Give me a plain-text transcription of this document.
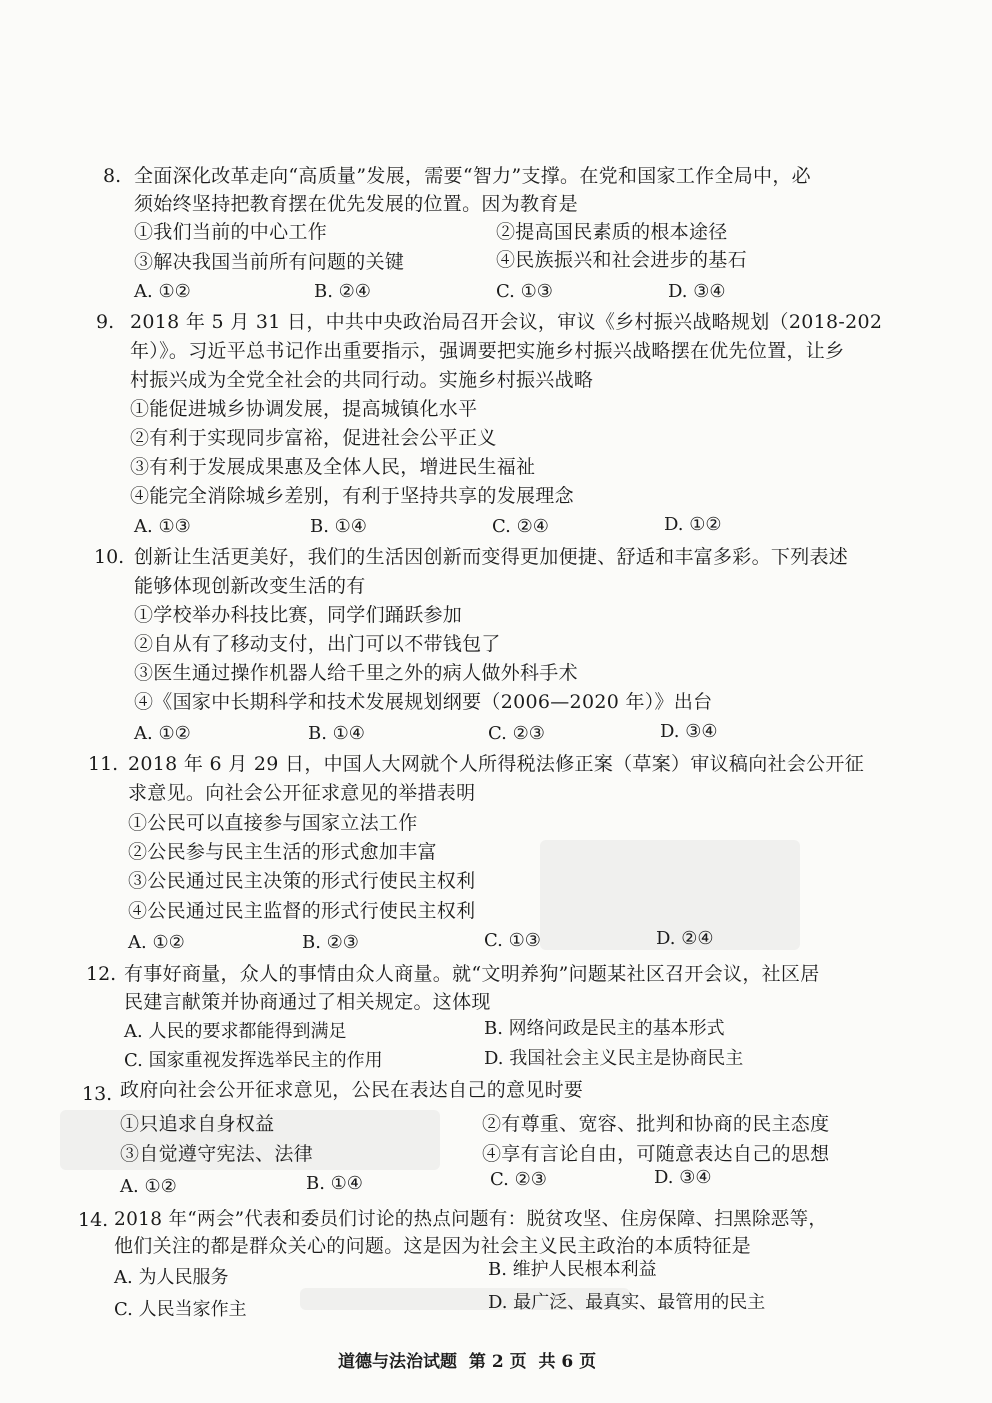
8. 全面深化改革走向“高质量”发展，需要“智力”支撑。在党和国家工作全局中，必
须始终坚持把教育摆在优先发展的位置。因为教育是
①我们当前的中心工作	②提高国民素质的根本途径
③解决我国当前所有问题的关键	④民族振兴和社会进步的基石
A. ①②	B. ②④	C. ①③	D. ③④
9. 2018 年 5 月 31 日，中共中央政治局召开会议，审议《乡村振兴战略规划（2018-202
年）》。习近平总书记作出重要指示，强调要把实施乡村振兴战略摆在优先位置，让乡
村振兴成为全党全社会的共同行动。实施乡村振兴战略
①能促进城乡协调发展，提高城镇化水平
②有利于实现同步富裕，促进社会公平正义
③有利于发展成果惠及全体人民，增进民生福祉
④能完全消除城乡差别，有利于坚持共享的发展理念
A. ①③	B. ①④	C. ②④	D. ①②
10. 创新让生活更美好，我们的生活因创新而变得更加便捷、舒适和丰富多彩。下列表述
能够体现创新改变生活的有
①学校举办科技比赛，同学们踊跃参加
②自从有了移动支付，出门可以不带钱包了
③医生通过操作机器人给千里之外的病人做外科手术
④《国家中长期科学和技术发展规划纲要（2006—2020 年）》出台
A. ①②	B. ①④	C. ②③	D. ③④
11. 2018 年 6 月 29 日，中国人大网就个人所得税法修正案（草案）审议稿向社会公开征
求意见。向社会公开征求意见的举措表明
①公民可以直接参与国家立法工作
②公民参与民主生活的形式愈加丰富
③公民通过民主决策的形式行使民主权利
④公民通过民主监督的形式行使民主权利
A. ①②	B. ②③	C. ①③	D. ②④
12. 有事好商量，众人的事情由众人商量。就“文明养狗”问题某社区召开会议，社区居
民建言献策并协商通过了相关规定。这体现
A. 人民的要求都能得到满足	B. 网络问政是民主的基本形式
C. 国家重视发挥选举民主的作用	D. 我国社会主义民主是协商民主
13. 政府向社会公开征求意见，公民在表达自己的意见时要
①只追求自身权益	②有尊重、宽容、批判和协商的民主态度
③自觉遵守宪法、法律	④享有言论自由，可随意表达自己的思想
A. ①②	B. ①④	C. ②③	D. ③④
14. 2018 年“两会”代表和委员们讨论的热点问题有：脱贫攻坚、住房保障、扫黑除恶等，
他们关注的都是群众关心的问题。这是因为社会主义民主政治的本质特征是
A. 为人民服务	B. 维护人民根本利益
C. 人民当家作主	D. 最广泛、最真实、最管用的民主
道德与法治试题 第 2 页 共 6 页
